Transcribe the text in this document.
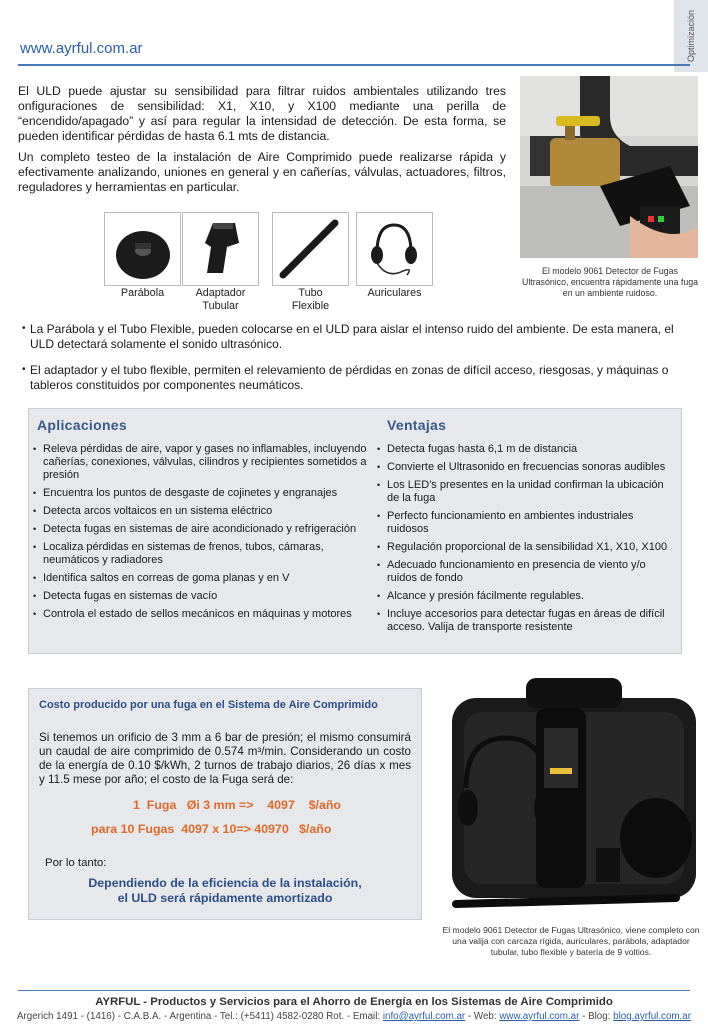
Optimización
www.ayrful.com.ar
El ULD puede ajustar su sensibilidad para filtrar ruidos ambientales utilizando tres onfiguraciones de sensibilidad: X1, X10, y X100 mediante una perilla de “encendido/apagado” y así para regular la intensidad de detección. De esta forma, se pueden identificar pérdidas de hasta 6.1 mts de distancia.
Un completo testeo de la instalación de Aire Comprimido puede realizarse rápida y efectivamente analizando, uniones en general y en cañerías, válvulas, actuadores, filtros, reguladores y herramientas en particular.
El modelo 9061 Detector de Fugas Ultrasónico, encuentra rápidamente una fuga en un ambiente ruidoso.
Parábola	Adaptador
Tubular
Tubo
Flexible
Auriculares

• La Parábola y el Tubo Flexible, pueden colocarse en el ULD para aislar el intenso ruido del ambiente. De esta manera, el ULD detectará solamente el sonido ultrasónico.
• El adaptador y el tubo flexible, permiten el relevamiento de pérdidas en zonas de difícil acceso, riesgosas, y máquinas o tableros constituidos por componentes neumáticos.
Aplicaciones
• Releva pérdidas de aire, vapor y gases no inflamables, incluyendo cañerías, conexiones, válvulas, cilindros y recipientes sometidos a presión
• Encuentra los puntos de desgaste de cojinetes y engranajes
• Detecta arcos voltaicos en un sistema eléctrico
• Detecta fugas en sistemas de aire acondicionado y refrigeración
• Localiza pérdidas en sistemas de frenos, tubos, cámaras, neumáticos y radiadores
• Identifica saltos en correas de goma planas y en V
• Detecta fugas en sistemas de vacío
• Controla el estado de sellos mecánicos en máquinas y motores
Ventajas
• Detecta fugas hasta 6,1 m de distancia
• Convierte el Ultrasonido en frecuencias sonoras audibles
• Los LED's presentes en la unidad confirman la ubicación de la fuga
• Perfecto funcionamiento en ambientes industriales ruidosos
• Regulación proporcional de la sensibilidad X1, X10, X100
• Adecuado funcionamiento en presencia de viento y/o ruidos de fondo
• Alcance y presión fácilmente regulables.
• Incluye accesorios para detectar fugas en áreas de difícil acceso. Valija de transporte resistente
Costo producido por una fuga en el Sistema de Aire Comprimido
Si tenemos un orificio de 3 mm a 6 bar de presión; el mismo consumirá un caudal de aire comprimido de 0.574 m³/min. Considerando un costo de la energía de 0.10 $/kWh, 2 turnos de trabajo diarios, 26 días x mes y 11.5 mese por año; el costo de la Fuga será de:
1  Fuga   Øi 3 mm =>    4097    $/año
para 10 Fugas  4097 x 10=> 40970   $/año
Por lo tanto:
Dependiendo de la eficiencia de la instalación,
el ULD será rápidamente amortizado
El modelo 9061 Detector de Fugas Ultrasónico, viene completo con una valija con carcaza rígida, auriculares, parábola, adaptador tubular, tubo flexible y batería de 9 voltios.
AYRFUL - Productos y Servicios para el Ahorro de Energía en los Sistemas de Aire Comprimido
Argerich 1491 - (1416) - C.A.B.A. - Argentina - Tel.: (+5411) 4582-0280 Rot. - Email: info@ayrful.com.ar - Web: www.ayrful.com.ar - Blog: blog.ayrful.com.ar
